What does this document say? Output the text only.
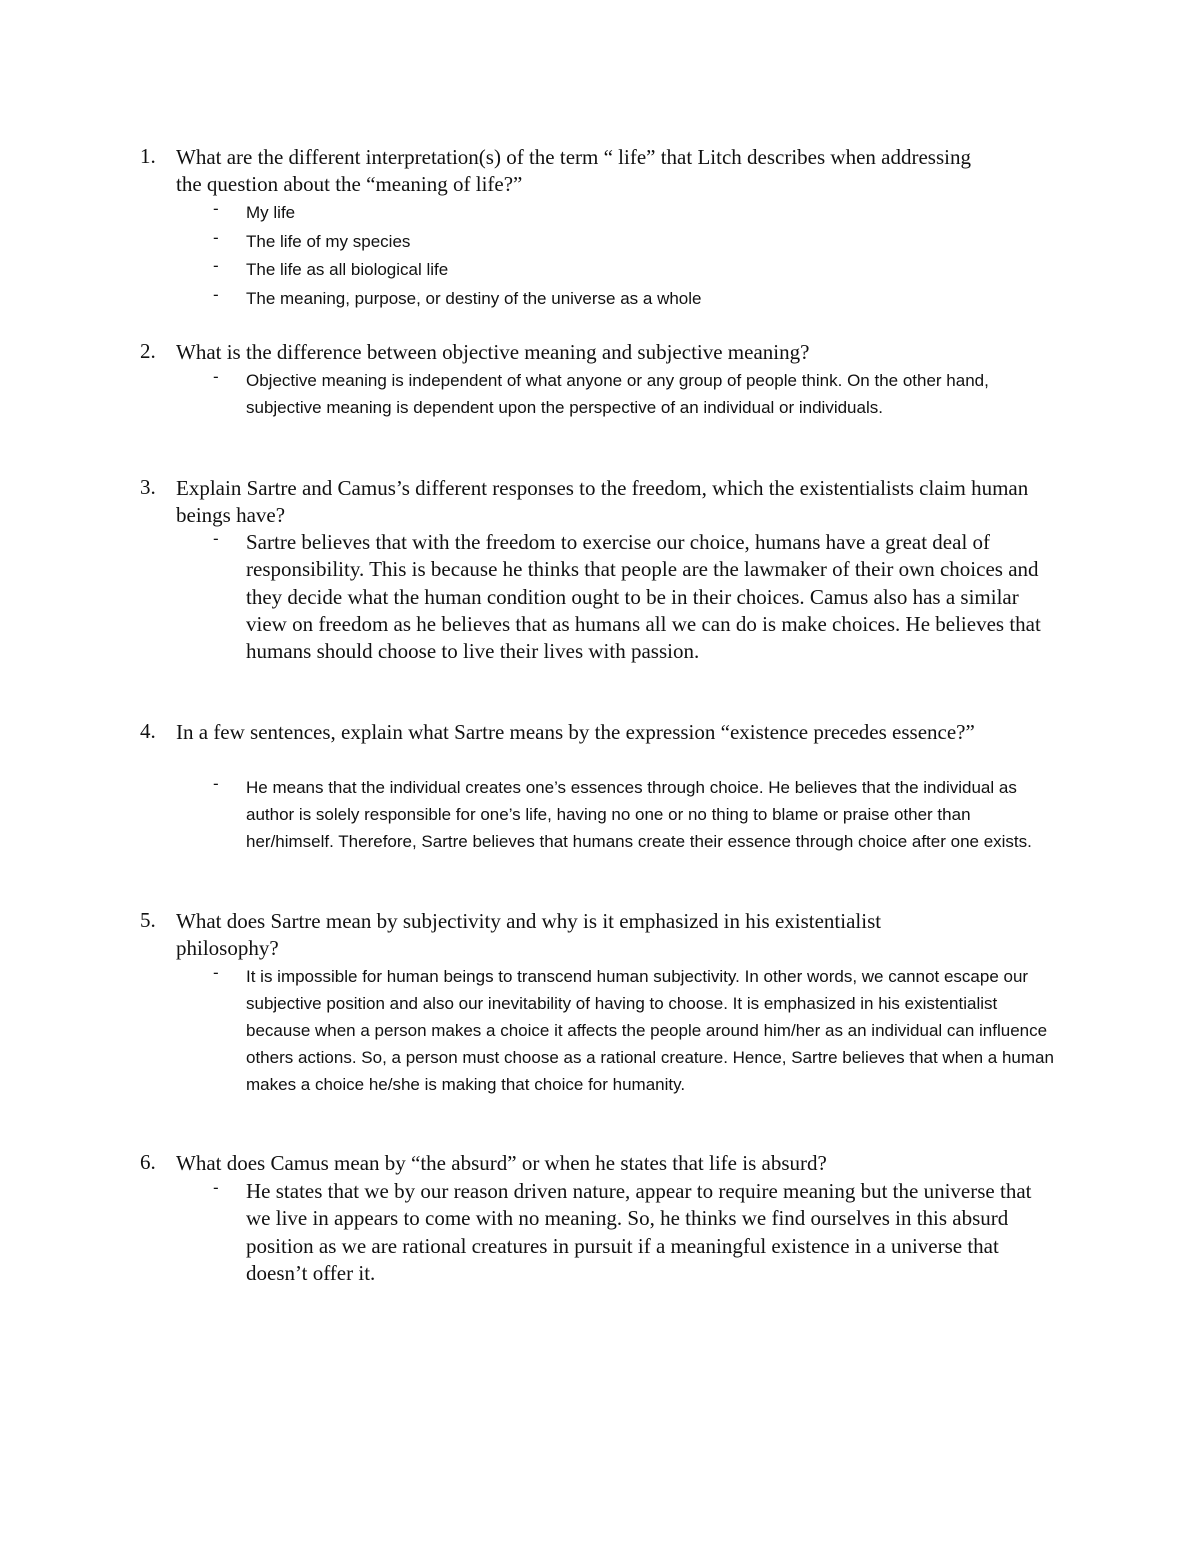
1. What are the different interpretation(s) of the term “ life” that Litch describes when addressing the question about the “meaning of life?”
- My life
- The life of my species
- The life as all biological life
- The meaning, purpose, or destiny of the universe as a whole
2. What is the difference between objective meaning and subjective meaning?
- Objective meaning is independent of what anyone or any group of people think. On the other hand, subjective meaning is dependent upon the perspective of an individual or individuals.
3. Explain Sartre and Camus’s different responses to the freedom, which the existentialists claim human beings have?
- Sartre believes that with the freedom to exercise our choice, humans have a great deal of responsibility. This is because he thinks that people are the lawmaker of their own choices and they decide what the human condition ought to be in their choices. Camus also has a similar view on freedom as he believes that as humans all we can do is make choices. He believes that humans should choose to live their lives with passion.
4. In a few sentences, explain what Sartre means by the expression “existence precedes essence?”
- He means that the individual creates one’s essences through choice. He believes that the individual as author is solely responsible for one’s life, having no one or no thing to blame or praise other than her/himself. Therefore, Sartre believes that humans create their essence through choice after one exists.
5. What does Sartre mean by subjectivity and why is it emphasized in his existentialist philosophy?
- It is impossible for human beings to transcend human subjectivity. In other words, we cannot escape our subjective position and also our inevitability of having to choose. It is emphasized in his existentialist because when a person makes a choice it affects the people around him/her as an individual can influence others actions. So, a person must choose as a rational creature. Hence, Sartre believes that when a human makes a choice he/she is making that choice for humanity.
6. What does Camus mean by “the absurd” or when he states that life is absurd?
- He states that we by our reason driven nature, appear to require meaning but the universe that we live in appears to come with no meaning. So, he thinks we find ourselves in this absurd position as we are rational creatures in pursuit if a meaningful existence in a universe that doesn’t offer it.
